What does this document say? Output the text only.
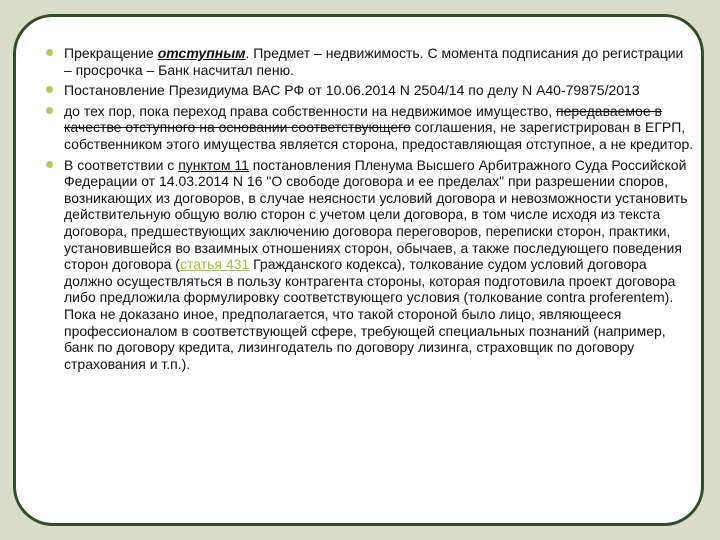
Прекращение отступным. Предмет – недвижимость. С момента подписания до регистрации – просрочка – Банк насчитал пеню.
Постановление Президиума ВАС РФ от 10.06.2014 N 2504/14 по делу N А40-79875/2013
до тех пор, пока переход права собственности на недвижимое имущество, передаваемое в качестве отступного на основании соответствующего соглашения, не зарегистрирован в ЕГРП, собственником этого имущества является сторона, предоставляющая отступное, а не кредитор.
В соответствии с пунктом 11 постановления Пленума Высшего Арбитражного Суда Российской Федерации от 14.03.2014 N 16 "О свободе договора и ее пределах" при разрешении споров, возникающих из договоров, в случае неясности условий договора и невозможности установить действительную общую волю сторон с учетом цели договора, в том числе исходя из текста договора, предшествующих заключению договора переговоров, переписки сторон, практики, установившейся во взаимных отношениях сторон, обычаев, а также последующего поведения сторон договора (статья 431 Гражданского кодекса), толкование судом условий договора должно осуществляться в пользу контрагента стороны, которая подготовила проект договора либо предложила формулировку соответствующего условия (толкование contra proferentem). Пока не доказано иное, предполагается, что такой стороной было лицо, являющееся профессионалом в соответствующей сфере, требующей специальных познаний (например, банк по договору кредита, лизингодатель по договору лизинга, страховщик по договору страхования и т.п.).
